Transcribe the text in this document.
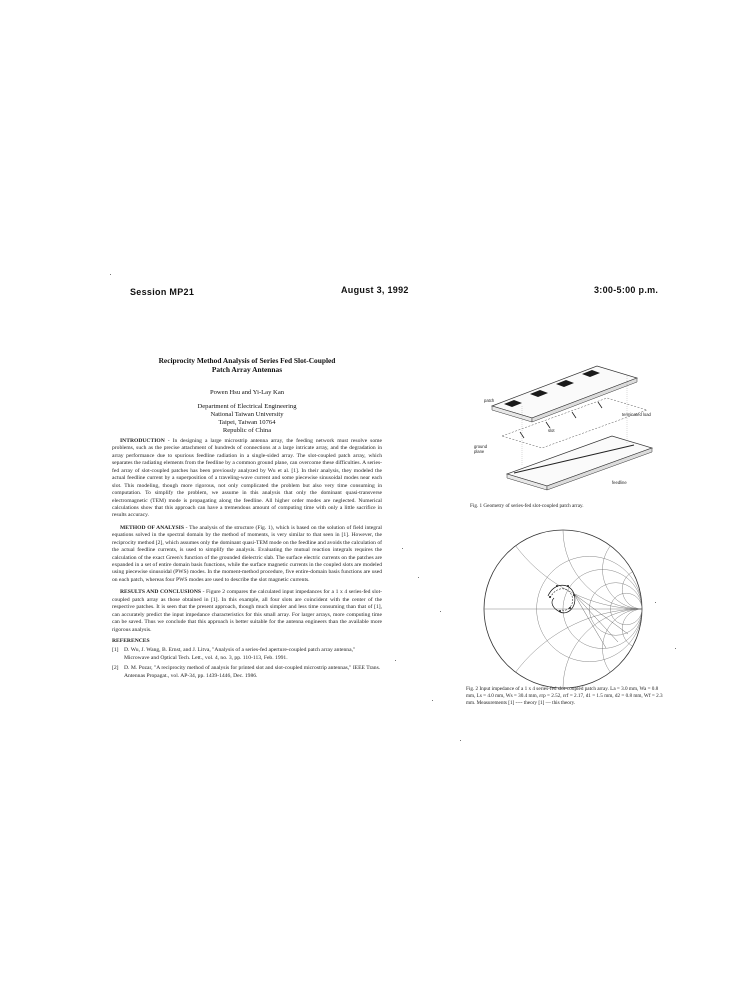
Session MP21	August 3, 1992	3:00-5:00 p.m.
Reciprocity Method Analysis of Series Fed Slot-Coupled
Patch Array Antennas
Powen Hsu and Yi-Lay Kan
Department of Electrical Engineering
National Taiwan University
Taipei, Taiwan 10764
Republic of China

INTRODUCTION - In designing a large microstrip antenna array, the feeding network must resolve some problems, such as the precise attachment of hundreds of connections at a large intricate array, and the degradation in array performance due to spurious feedline radiation in a single-sided array. The slot-coupled patch array, which separates the radiating elements from the feedline by a common ground plane, can overcome these difficulties. A series-fed array of slot-coupled patches has been previously analyzed by Wu et al. [1]. In their analysis, they modeled the actual feedline current by a superposition of a traveling-wave current and some piecewise sinusoidal modes near each slot. This modeling, though more rigorous, not only complicated the problem but also very time consuming in computation. To simplify the problem, we assume in this analysis that only the dominant quasi-transverse electromagnetic (TEM) mode is propagating along the feedline. All higher order modes are neglected. Numerical calculations show that this approach can have a tremendous amount of computing time with only a little sacrifice in results accuracy.

METHOD OF ANALYSIS - The analysis of the structure (Fig. 1), which is based on the solution of field integral equations solved in the spectral domain by the method of moments, is very similar to that seen in [1]. However, the reciprocity method [2], which assumes only the dominant quasi-TEM mode on the feedline and avoids the calculation of the actual feedline currents, is used to simplify the analysis. Evaluating the mutual reaction integrals requires the calculation of the exact Green's function of the grounded dielectric slab. The surface electric currents on the patches are expanded in a set of entire domain basis functions, while the surface magnetic currents in the coupled slots are modeled using piecewise sinusoidal (PWS) modes. In the moment-method procedure, five entire-domain basis functions are used on each patch, whereas four PWS modes are used to describe the slot magnetic currents.

RESULTS AND CONCLUSIONS - Figure 2 compares the calculated input impedances for a 1 x 4 series-fed slot-coupled patch array as those obtained in [1]. In this example, all four slots are coincident with the center of the respective patches. It is seen that the present approach, though much simpler and less time consuming than that of [1], can accurately predict the input impedance characteristics for this small array. For larger arrays, more computing time can be saved. Thus we conclude that this approach is better suitable for the antenna engineers than the available more rigorous analysis.

REFERENCES
[1] D. Wu, J. Wang, B. Ernst, and J. Litva, "Analysis of a series-fed aperture-coupled patch array antenna," Microwave and Optical Tech. Lett., vol. 4, no. 3, pp. 110-113, Feb. 1991.
[2] D. M. Pozar, "A reciprocity method of analysis for printed slot and slot-coupled microstrip antennas," IEEE Trans. Antennas Propagat., vol. AP-34, pp. 1439-1446, Dec. 1986.
patch
slot
ground plane
feedline
terminated load
Fig. 1 Geometry of series-fed slot-coupled patch array.
Fig. 2 Input impedance of a 1 x 4 series-fed slot-coupled patch array. La = 3.0 mm, Wa = 0.8 mm, Ls = 4.0 mm, Ws = 30.4 mm, εrp = 2.52, εrf = 2.17, d1 = 1.5 mm, d2 = 0.8 mm, Wf = 2.3 mm. Measurements [1] ---- theory [1] — this theory.
